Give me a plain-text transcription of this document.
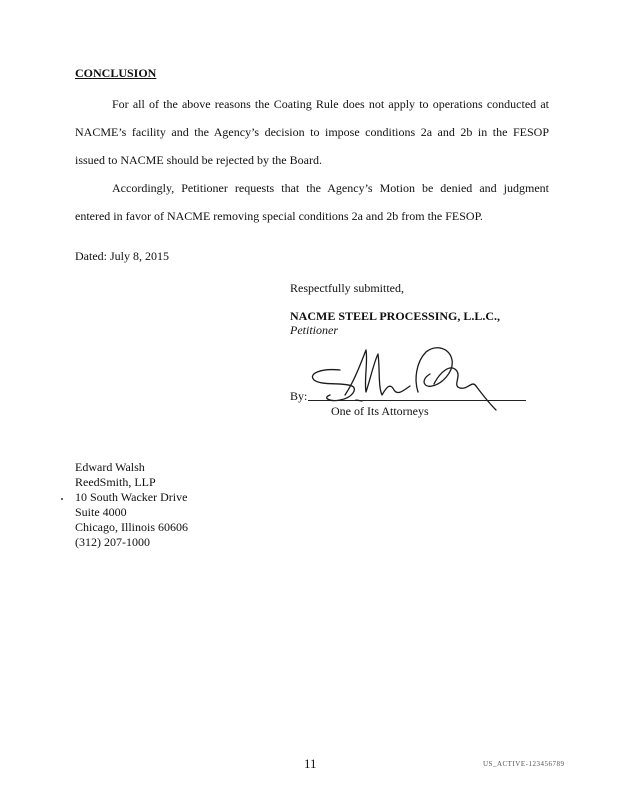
CONCLUSION
For all of the above reasons the Coating Rule does not apply to operations conducted at
NACME’s facility and the Agency’s decision to impose conditions 2a and 2b in the FESOP
issued to NACME should be rejected by the Board.
Accordingly, Petitioner requests that the Agency’s Motion be denied and judgment
entered in favor of NACME removing special conditions 2a and 2b from the FESOP.
Dated: July 8, 2015
Respectfully submitted,
NACME STEEL PROCESSING, L.L.C.,
Petitioner
By:
One of Its Attorneys
Edward Walsh
ReedSmith, LLP
10 South Wacker Drive
Suite 4000
Chicago, Illinois 60606
(312) 207-1000
11	US_ACTIVE-123456789
